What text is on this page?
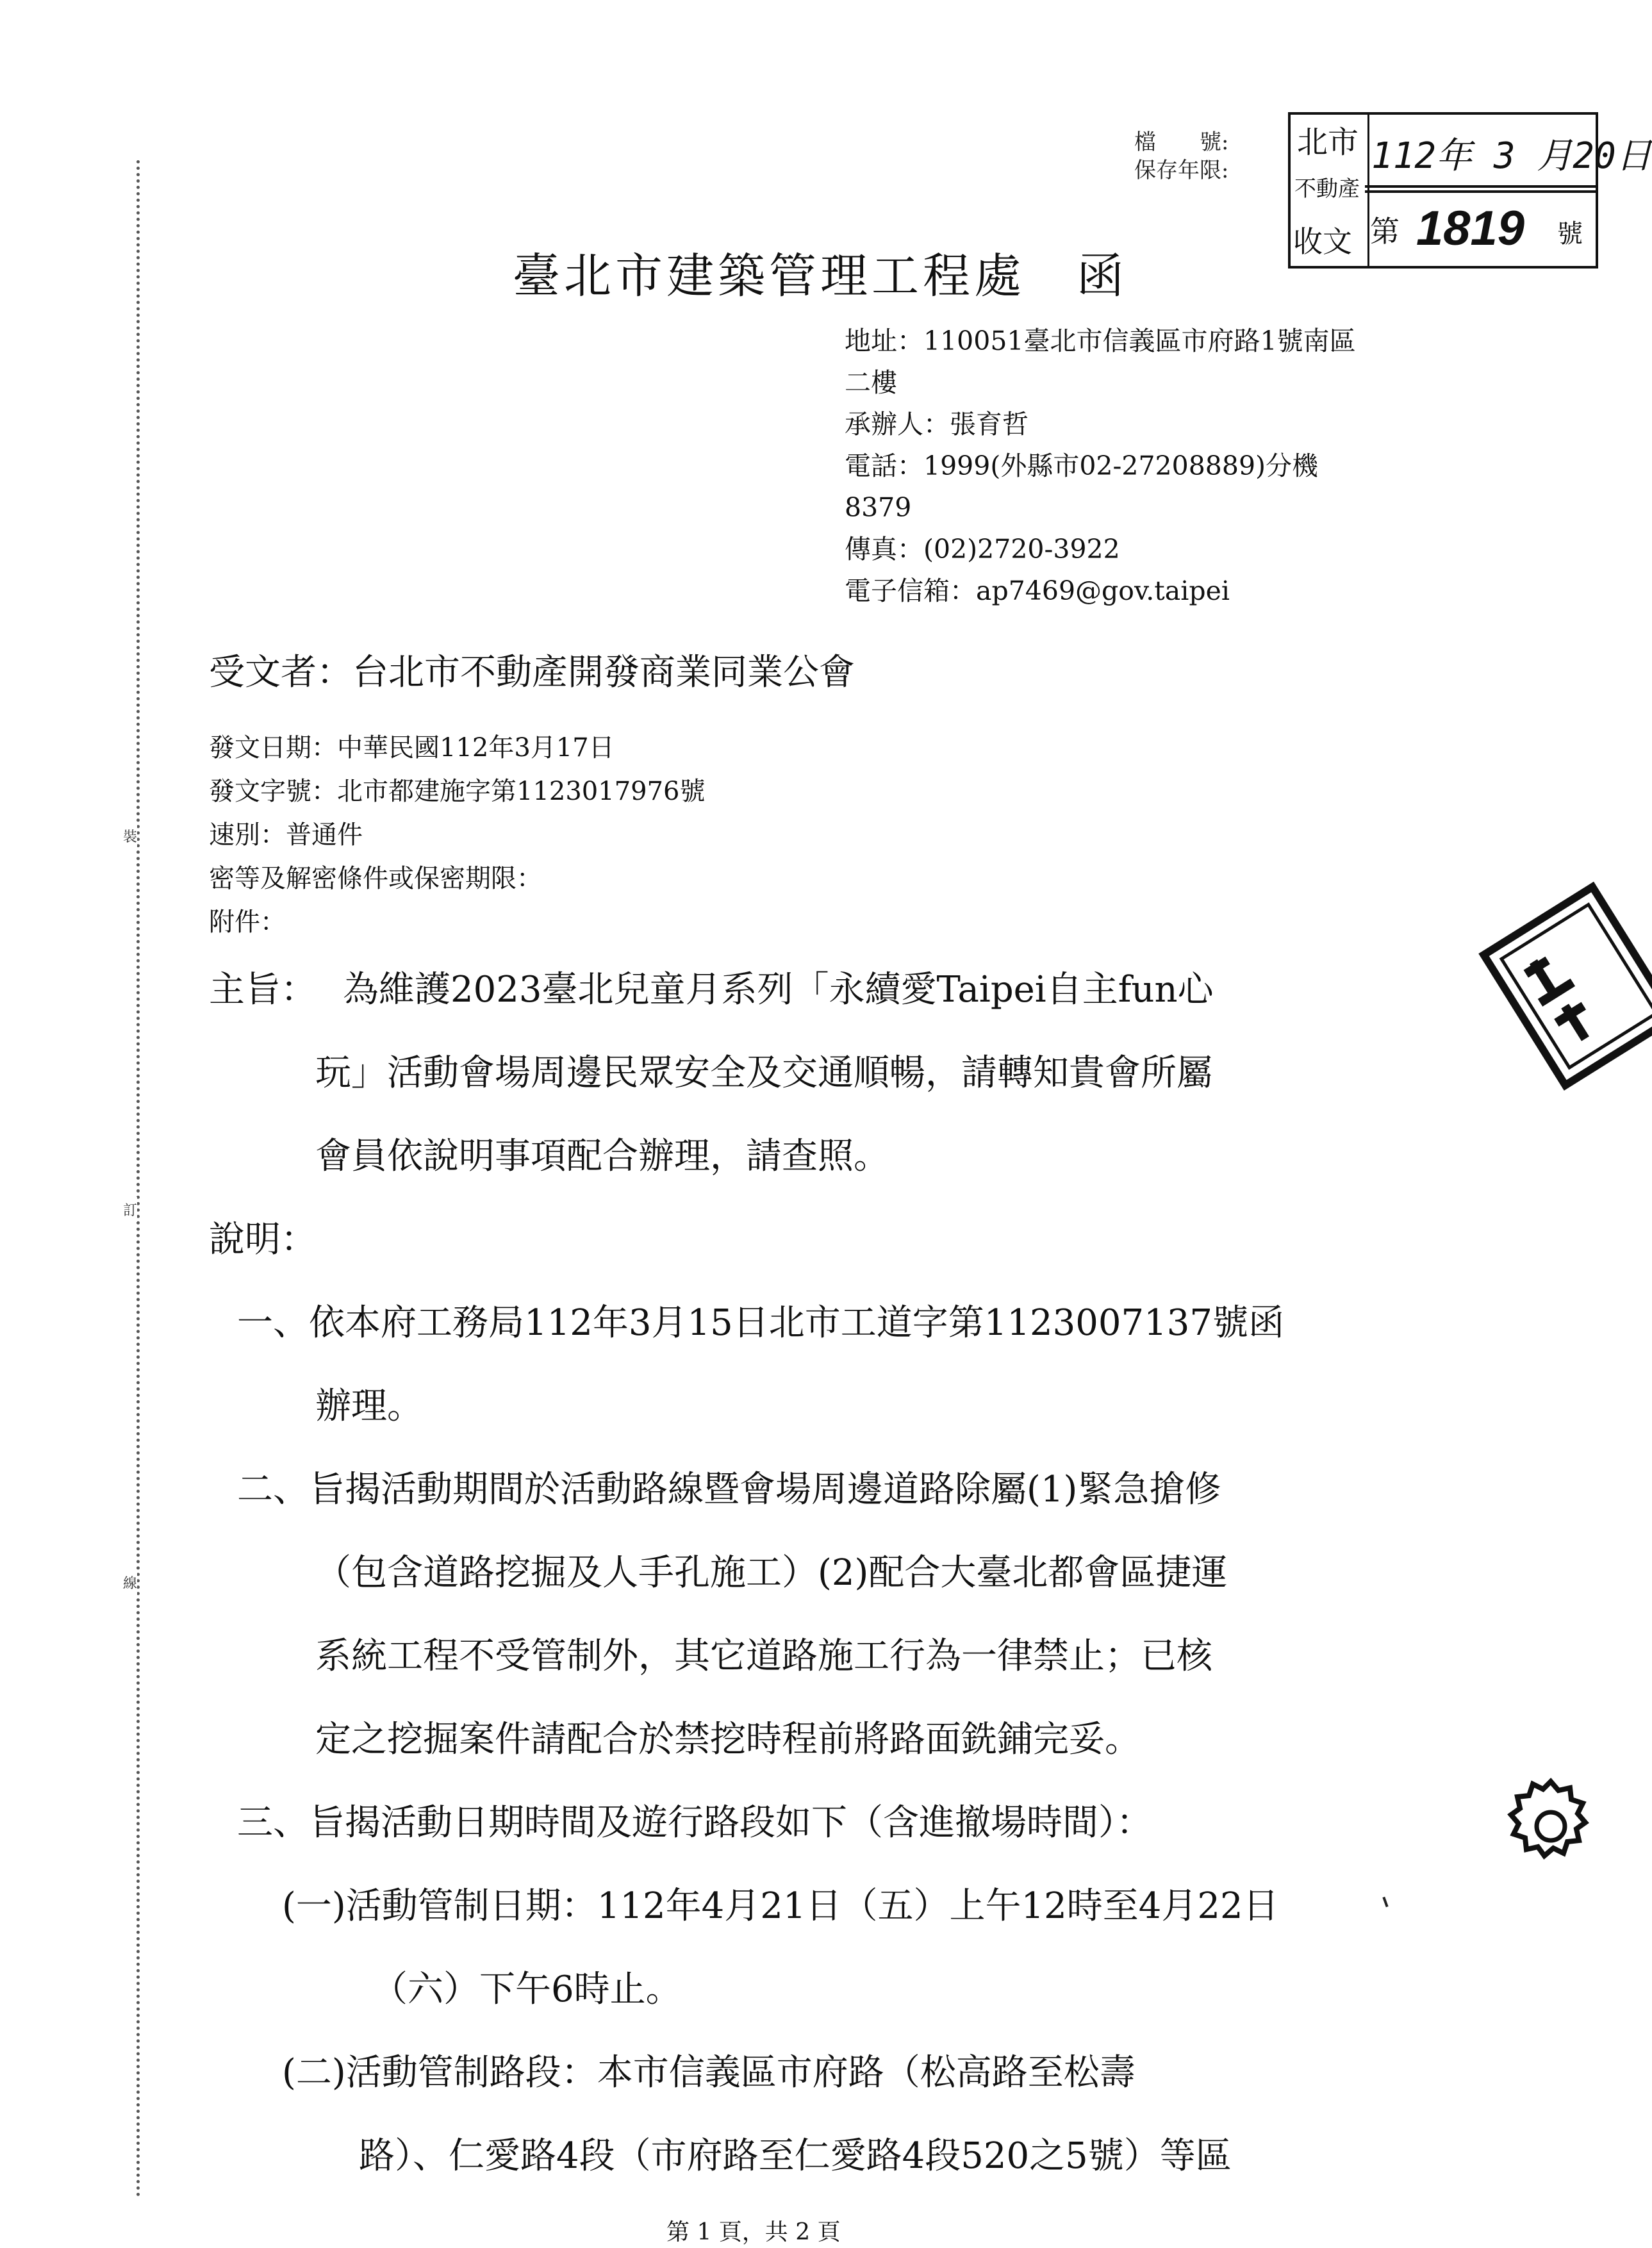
裝
訂
線
檔　　號:
保存年限:
北市
不動產
收文
112年 3 月20日
第 1819 號
臺北市建築管理工程處　函
地址：110051臺北市信義區市府路1號南區
二樓
承辦人：張育哲
電話：1999(外縣市02-27208889)分機
8379
傳真：(02)2720-3922
電子信箱：ap7469@gov.taipei
受文者：台北市不動產開發商業同業公會
發文日期：中華民國112年3月17日
發文字號：北市都建施字第1123017976號
速別：普通件
密等及解密條件或保密期限：
附件：
主旨： 為維護2023臺北兒童月系列「永續愛Taipei自主fun心
玩」活動會場周邊民眾安全及交通順暢，請轉知貴會所屬
會員依說明事項配合辦理，請查照。
說明：
一、依本府工務局112年3月15日北市工道字第1123007137號函
辦理。
二、旨揭活動期間於活動路線暨會場周邊道路除屬(1)緊急搶修
（包含道路挖掘及人手孔施工）(2)配合大臺北都會區捷運
系統工程不受管制外，其它道路施工行為一律禁止；已核
定之挖掘案件請配合於禁挖時程前將路面銑鋪完妥。
三、旨揭活動日期時間及遊行路段如下（含進撤場時間）：
(一)活動管制日期：112年4月21日（五）上午12時至4月22日
（六）下午6時止。
(二)活動管制路段：本市信義區市府路（松高路至松壽
路）、仁愛路4段（市府路至仁愛路4段520之5號）等區
第 1 頁，共 2 頁
